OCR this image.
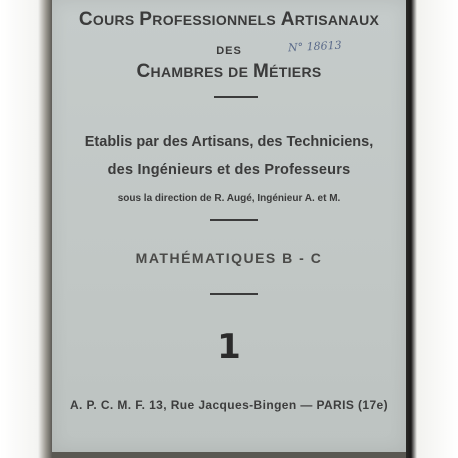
COURS PROFESSIONNELS ARTISANAUX
DES
CHAMBRES DE MÉTIERS
N° 18613
Etablis par des Artisans, des Techniciens,
des Ingénieurs et des Professeurs
sous la direction de R. Augé, Ingénieur A. et M.
MATHÉMATIQUES B - C
1
A. P. C. M. F. 13, Rue Jacques-Bingen — PARIS (17e)
